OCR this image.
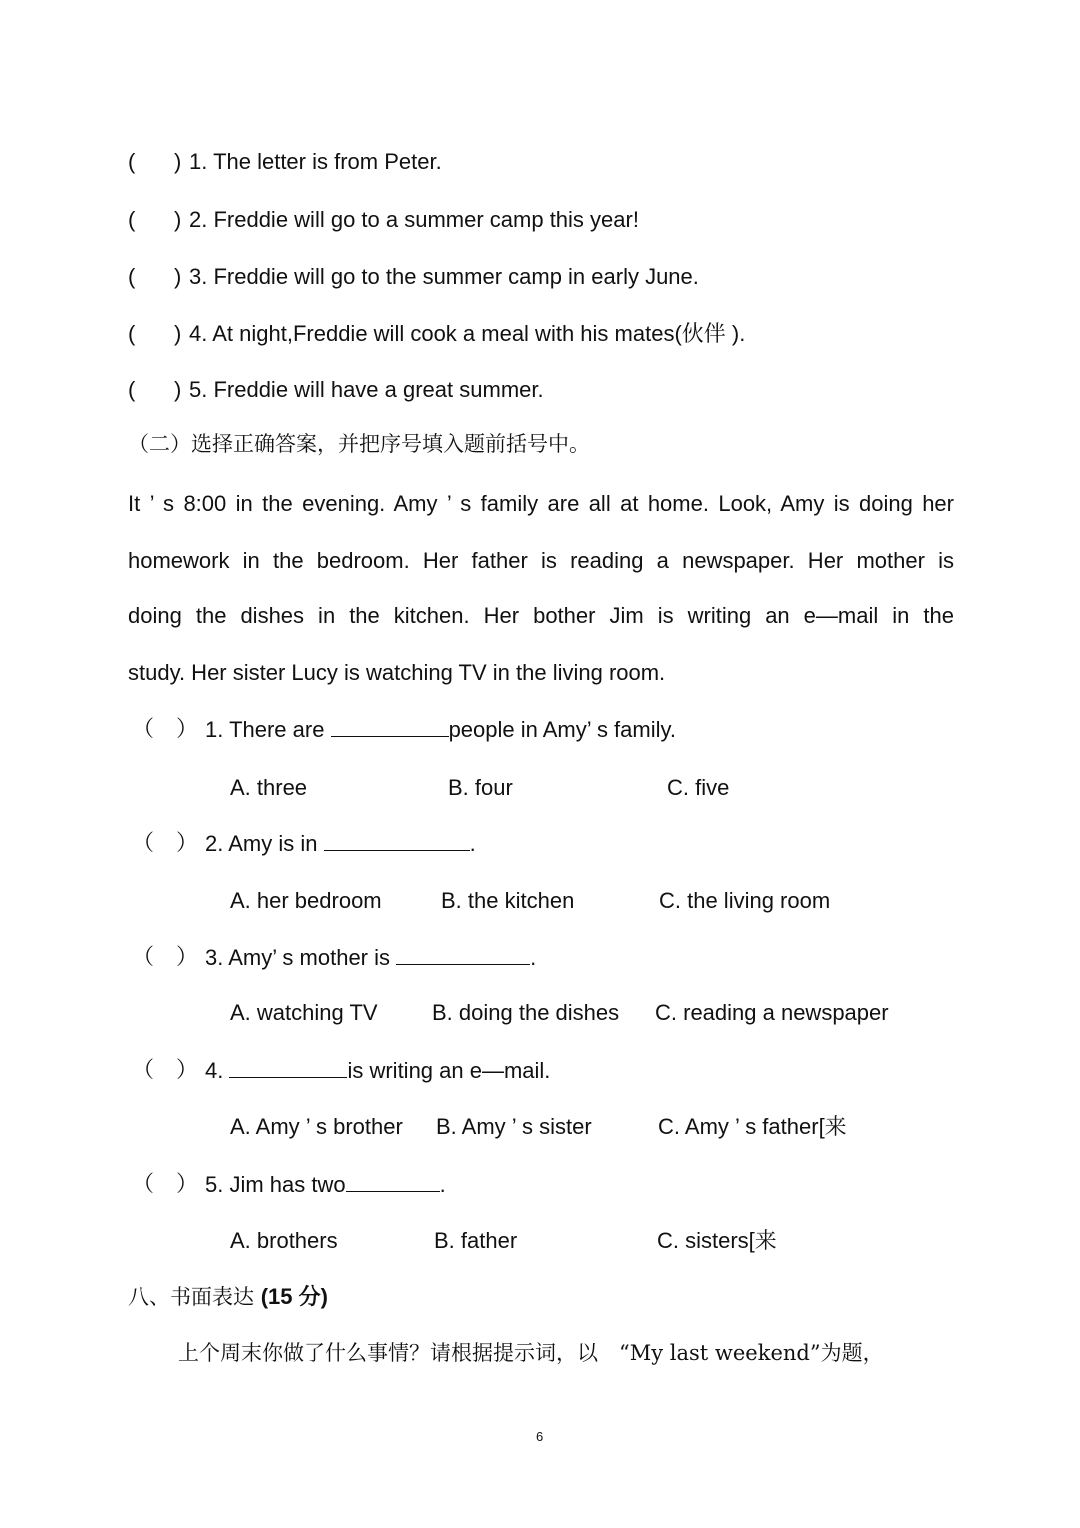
( ) 1. The letter is from Peter.
( ) 2. Freddie will go to a summer camp this year!
( ) 3. Freddie will go to the summer camp in early June.
( ) 4. At night,Freddie will cook a meal with his mates(伙伴 ).
( ) 5. Freddie will have a great summer.
（二）选择正确答案，并把序号填入题前括号中。
It ’ s 8:00 in the evening. Amy ’ s family are all at home. Look, Amy is doing her
homework in the bedroom. Her father is reading a newspaper. Her mother is
doing the dishes in the kitchen. Her bother Jim is writing an e—mail in the
study. Her sister Lucy is watching TV in the living room.
（　） 1. There are	people in Amy’ s family.
A. three	B. four	C. five
（　） 2. Amy is in	.
A. her bedroom	B. the kitchen	C. the living room
（　） 3. Amy’ s mother is	.
A. watching TV B. doing the dishes C. reading a newspaper
（　） 4.	is writing an e—mail.
A. Amy ’ s brother B. Amy ’ s sister	C. Amy ’ s father[来
（　） 5. Jim has two	.
A. brothers	B. father	C. sisters[来
八、书面表达 (15 分)
上个周末你做了什么事情？请根据提示词，以　“My last weekend”为题，
6
